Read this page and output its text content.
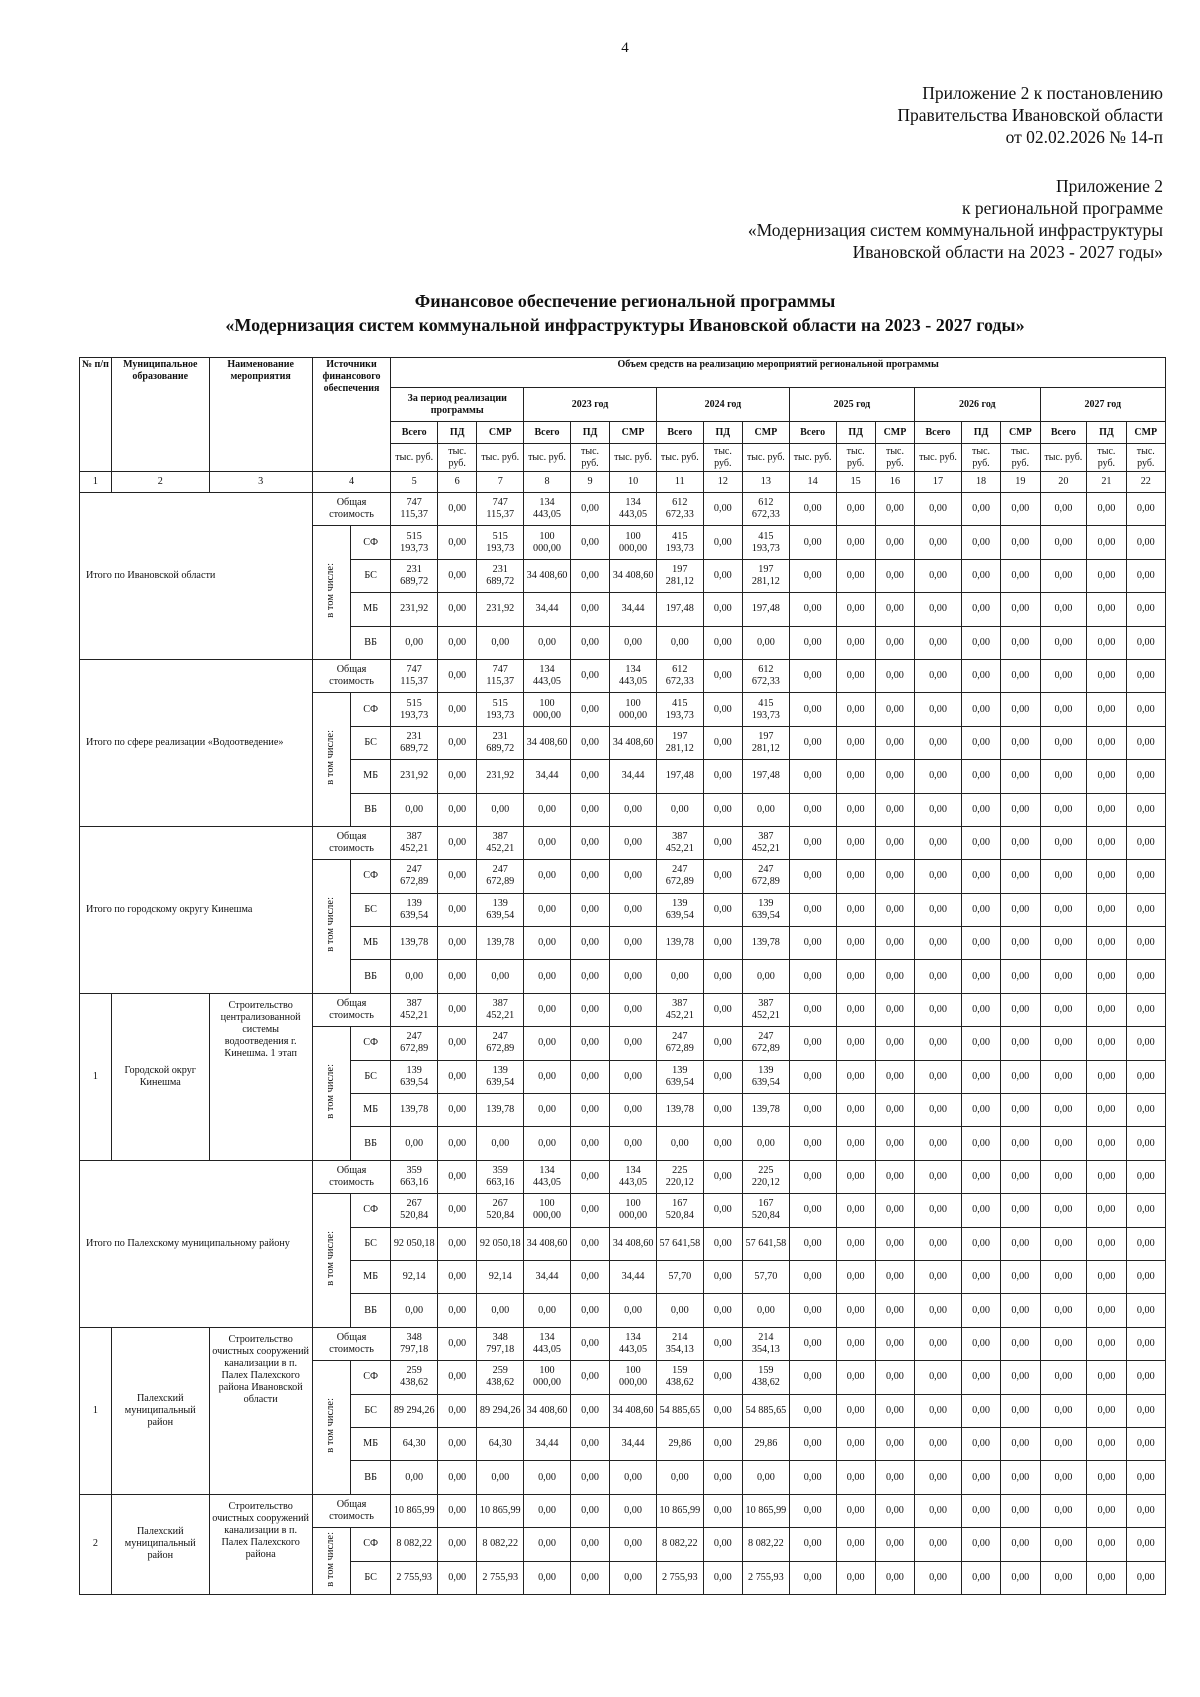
4
Приложение 2 к постановлению
Правительства Ивановской области
от 02.02.2026 № 14-п
Приложение 2
к региональной программе
«Модернизация систем коммунальной инфраструктуры
Ивановской области на 2023 - 2027 годы»
Финансовое обеспечение региональной программы
«Модернизация систем коммунальной инфраструктуры Ивановской области на 2023 - 2027 годы»
№ п/п	Муниципальное образование	Наименование мероприятия	Источники финансового обеспечения		Объем средств на реализацию мероприятий региональной программы																	
					За период реализации программы			2023 год			2024 год			2025 год			2026 год			2027 год		
					Всего	ПД	СМР	Всего	ПД	СМР	Всего	ПД	СМР	Всего	ПД	СМР	Всего	ПД	СМР	Всего	ПД	СМР
					тыс. руб.	тыс. руб.	тыс. руб.	тыс. руб.	тыс. руб.	тыс. руб.	тыс. руб.	тыс. руб.	тыс. руб.	тыс. руб.	тыс. руб.	тыс. руб.	тыс. руб.	тыс. руб.	тыс. руб.	тыс. руб.	тыс. руб.	тыс. руб.
1	2	3	4		5	6	7	8	9	10	11	12	13	14	15	16	17	18	19	20	21	22
Итого по Ивановской области			Общая стоимость		747 115,37	0,00	747 115,37	134 443,05	0,00	134 443,05	612 672,33	0,00	612 672,33	0,00	0,00	0,00	0,00	0,00	0,00	0,00	0,00	0,00
			в том числе:	СФ	515 193,73	0,00	515 193,73	100 000,00	0,00	100 000,00	415 193,73	0,00	415 193,73	0,00	0,00	0,00	0,00	0,00	0,00	0,00	0,00	0,00
				БС	231 689,72	0,00	231 689,72	34 408,60	0,00	34 408,60	197 281,12	0,00	197 281,12	0,00	0,00	0,00	0,00	0,00	0,00	0,00	0,00	0,00
				МБ	231,92	0,00	231,92	34,44	0,00	34,44	197,48	0,00	197,48	0,00	0,00	0,00	0,00	0,00	0,00	0,00	0,00	0,00
				ВБ	0,00	0,00	0,00	0,00	0,00	0,00	0,00	0,00	0,00	0,00	0,00	0,00	0,00	0,00	0,00	0,00	0,00	0,00
Итого по сфере реализации «Водоотведение»			Общая стоимость		747 115,37	0,00	747 115,37	134 443,05	0,00	134 443,05	612 672,33	0,00	612 672,33	0,00	0,00	0,00	0,00	0,00	0,00	0,00	0,00	0,00
			в том числе:	СФ	515 193,73	0,00	515 193,73	100 000,00	0,00	100 000,00	415 193,73	0,00	415 193,73	0,00	0,00	0,00	0,00	0,00	0,00	0,00	0,00	0,00
				БС	231 689,72	0,00	231 689,72	34 408,60	0,00	34 408,60	197 281,12	0,00	197 281,12	0,00	0,00	0,00	0,00	0,00	0,00	0,00	0,00	0,00
				МБ	231,92	0,00	231,92	34,44	0,00	34,44	197,48	0,00	197,48	0,00	0,00	0,00	0,00	0,00	0,00	0,00	0,00	0,00
				ВБ	0,00	0,00	0,00	0,00	0,00	0,00	0,00	0,00	0,00	0,00	0,00	0,00	0,00	0,00	0,00	0,00	0,00	0,00
Итого по городскому округу Кинешма			Общая стоимость		387 452,21	0,00	387 452,21	0,00	0,00	0,00	387 452,21	0,00	387 452,21	0,00	0,00	0,00	0,00	0,00	0,00	0,00	0,00	0,00
			в том числе:	СФ	247 672,89	0,00	247 672,89	0,00	0,00	0,00	247 672,89	0,00	247 672,89	0,00	0,00	0,00	0,00	0,00	0,00	0,00	0,00	0,00
				БС	139 639,54	0,00	139 639,54	0,00	0,00	0,00	139 639,54	0,00	139 639,54	0,00	0,00	0,00	0,00	0,00	0,00	0,00	0,00	0,00
				МБ	139,78	0,00	139,78	0,00	0,00	0,00	139,78	0,00	139,78	0,00	0,00	0,00	0,00	0,00	0,00	0,00	0,00	0,00
				ВБ	0,00	0,00	0,00	0,00	0,00	0,00	0,00	0,00	0,00	0,00	0,00	0,00	0,00	0,00	0,00	0,00	0,00	0,00
1	Городской округ Кинешма	Строительство централизованной системы водоотведения г. Кинешма. 1 этап	Общая стоимость		387 452,21	0,00	387 452,21	0,00	0,00	0,00	387 452,21	0,00	387 452,21	0,00	0,00	0,00	0,00	0,00	0,00	0,00	0,00	0,00
			в том числе:	СФ	247 672,89	0,00	247 672,89	0,00	0,00	0,00	247 672,89	0,00	247 672,89	0,00	0,00	0,00	0,00	0,00	0,00	0,00	0,00	0,00
				БС	139 639,54	0,00	139 639,54	0,00	0,00	0,00	139 639,54	0,00	139 639,54	0,00	0,00	0,00	0,00	0,00	0,00	0,00	0,00	0,00
				МБ	139,78	0,00	139,78	0,00	0,00	0,00	139,78	0,00	139,78	0,00	0,00	0,00	0,00	0,00	0,00	0,00	0,00	0,00
				ВБ	0,00	0,00	0,00	0,00	0,00	0,00	0,00	0,00	0,00	0,00	0,00	0,00	0,00	0,00	0,00	0,00	0,00	0,00
Итого по Палехскому муниципальному району			Общая стоимость		359 663,16	0,00	359 663,16	134 443,05	0,00	134 443,05	225 220,12	0,00	225 220,12	0,00	0,00	0,00	0,00	0,00	0,00	0,00	0,00	0,00
			в том числе:	СФ	267 520,84	0,00	267 520,84	100 000,00	0,00	100 000,00	167 520,84	0,00	167 520,84	0,00	0,00	0,00	0,00	0,00	0,00	0,00	0,00	0,00
				БС	92 050,18	0,00	92 050,18	34 408,60	0,00	34 408,60	57 641,58	0,00	57 641,58	0,00	0,00	0,00	0,00	0,00	0,00	0,00	0,00	0,00
				МБ	92,14	0,00	92,14	34,44	0,00	34,44	57,70	0,00	57,70	0,00	0,00	0,00	0,00	0,00	0,00	0,00	0,00	0,00
				ВБ	0,00	0,00	0,00	0,00	0,00	0,00	0,00	0,00	0,00	0,00	0,00	0,00	0,00	0,00	0,00	0,00	0,00	0,00
1	Палехский муниципальный район	Строительство очистных сооружений канализации в п. Палех Палехского района Ивановской области	Общая стоимость		348 797,18	0,00	348 797,18	134 443,05	0,00	134 443,05	214 354,13	0,00	214 354,13	0,00	0,00	0,00	0,00	0,00	0,00	0,00	0,00	0,00
			в том числе:	СФ	259 438,62	0,00	259 438,62	100 000,00	0,00	100 000,00	159 438,62	0,00	159 438,62	0,00	0,00	0,00	0,00	0,00	0,00	0,00	0,00	0,00
				БС	89 294,26	0,00	89 294,26	34 408,60	0,00	34 408,60	54 885,65	0,00	54 885,65	0,00	0,00	0,00	0,00	0,00	0,00	0,00	0,00	0,00
				МБ	64,30	0,00	64,30	34,44	0,00	34,44	29,86	0,00	29,86	0,00	0,00	0,00	0,00	0,00	0,00	0,00	0,00	0,00
				ВБ	0,00	0,00	0,00	0,00	0,00	0,00	0,00	0,00	0,00	0,00	0,00	0,00	0,00	0,00	0,00	0,00	0,00	0,00
2	Палехский муниципальный район	Строительство очистных сооружений канализации в п. Палех Палехского района	Общая стоимость		10 865,99	0,00	10 865,99	0,00	0,00	0,00	10 865,99	0,00	10 865,99	0,00	0,00	0,00	0,00	0,00	0,00	0,00	0,00	0,00
			в том числе:	СФ	8 082,22	0,00	8 082,22	0,00	0,00	0,00	8 082,22	0,00	8 082,22	0,00	0,00	0,00	0,00	0,00	0,00	0,00	0,00	0,00
				БС	2 755,93	0,00	2 755,93	0,00	0,00	0,00	2 755,93	0,00	2 755,93	0,00	0,00	0,00	0,00	0,00	0,00	0,00	0,00	0,00
